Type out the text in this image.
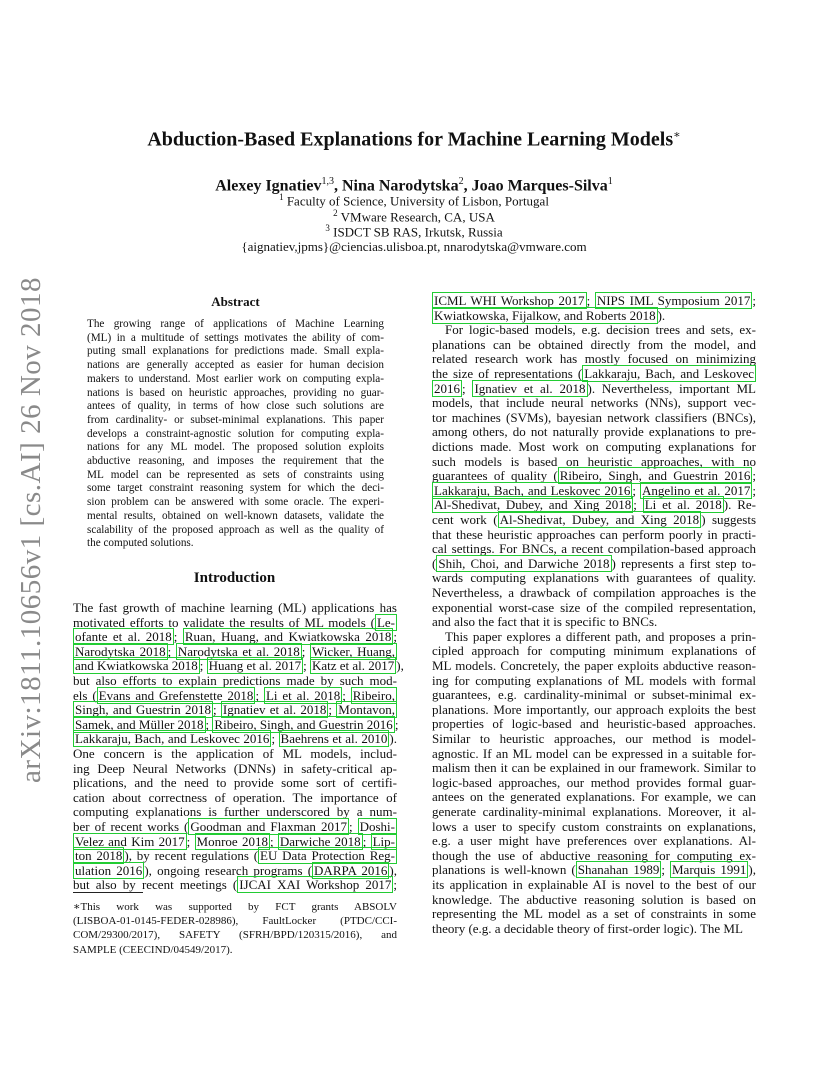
arXiv:1811.10656v1 [cs.AI] 26 Nov 2018
Abduction-Based Explanations for Machine Learning Models∗
Alexey Ignatiev$^{1,3}$, Nina Narodytska$^2$, Joao Marques-Silva$^1$
$^1$ Faculty of Science, University of Lisbon, Portugal
$^2$ VMware Research, CA, USA
$^3$ ISDCT SB RAS, Irkutsk, Russia
{aignatiev,jpms}@ciencias.ulisboa.pt, nnarodytska@vmware.com
Abstract
The growing range of applications of Machine Learning
(ML) in a multitude of settings motivates the ability of com-
puting small explanations for predictions made. Small expla-
nations are generally accepted as easier for human decision
makers to understand. Most earlier work on computing expla-
nations is based on heuristic approaches, providing no guar-
antees of quality, in terms of how close such solutions are
from cardinality- or subset-minimal explanations. This paper
develops a constraint-agnostic solution for computing expla-
nations for any ML model. The proposed solution exploits
abductive reasoning, and imposes the requirement that the
ML model can be represented as sets of constraints using
some target constraint reasoning system for which the deci-
sion problem can be answered with some oracle. The experi-
mental results, obtained on well-known datasets, validate the
scalability of the proposed approach as well as the quality of
the computed solutions.
Introduction
The fast growth of machine learning (ML) applications has
motivated efforts to validate the results of ML models ( Le-
ofante et al. 2018 ; Ruan, Huang, and Kwiatkowska 2018 ;
Narodytska 2018 ; Narodytska et al. 2018 ; Wicker, Huang,
and Kwiatkowska 2018 ; Huang et al. 2017 ; Katz et al. 2017 ),
but also efforts to explain predictions made by such mod-
els ( Evans and Grefenstette 2018 ; Li et al. 2018 ; Ribeiro,
Singh, and Guestrin 2018 ; Ignatiev et al. 2018 ; Montavon,
Samek, and Müller 2018 ; Ribeiro, Singh, and Guestrin 2016 ;
Lakkaraju, Bach, and Leskovec 2016 ; Baehrens et al. 2010 ).
One concern is the application of ML models, includ-
ing Deep Neural Networks (DNNs) in safety-critical ap-
plications, and the need to provide some sort of certifi-
cation about correctness of operation. The importance of
computing explanations is further underscored by a num-
ber of recent works ( Goodman and Flaxman 2017 ; Doshi-
Velez and Kim 2017 ; Monroe 2018 ; Darwiche 2018 ; Lip-
ton 2018 ), by recent regulations ( EU Data Protection Reg-
ulation 2016 ), ongoing research programs ( DARPA 2016 ),
but also by recent meetings ( IJCAI XAI Workshop 2017 ;
∗This work was supported by FCT grants ABSOLV
(LISBOA-01-0145-FEDER-028986), FaultLocker (PTDC/CCI-
COM/29300/2017), SAFETY (SFRH/BPD/120315/2016), and
SAMPLE (CEECIND/04549/2017).
ICML WHI Workshop 2017 ; NIPS IML Symposium 2017 ;
Kwiatkowska, Fijalkow, and Roberts 2018 ).
For logic-based models, e.g. decision trees and sets, ex-
planations can be obtained directly from the model, and
related research work has mostly focused on minimizing
the size of representations ( Lakkaraju, Bach, and Leskovec
2016 ; Ignatiev et al. 2018 ). Nevertheless, important ML
models, that include neural networks (NNs), support vec-
tor machines (SVMs), bayesian network classifiers (BNCs),
among others, do not naturally provide explanations to pre-
dictions made. Most work on computing explanations for
such models is based on heuristic approaches, with no
guarantees of quality ( Ribeiro, Singh, and Guestrin 2016 ;
Lakkaraju, Bach, and Leskovec 2016 ; Angelino et al. 2017 ;
Al-Shedivat, Dubey, and Xing 2018 ; Li et al. 2018 ). Re-
cent work ( Al-Shedivat, Dubey, and Xing 2018 ) suggests
that these heuristic approaches can perform poorly in practi-
cal settings. For BNCs, a recent compilation-based approach
( Shih, Choi, and Darwiche 2018 ) represents a first step to-
wards computing explanations with guarantees of quality.
Nevertheless, a drawback of compilation approaches is the
exponential worst-case size of the compiled representation,
and also the fact that it is specific to BNCs.
This paper explores a different path, and proposes a prin-
cipled approach for computing minimum explanations of
ML models. Concretely, the paper exploits abductive reason-
ing for computing explanations of ML models with formal
guarantees, e.g. cardinality-minimal or subset-minimal ex-
planations. More importantly, our approach exploits the best
properties of logic-based and heuristic-based approaches.
Similar to heuristic approaches, our method is model-
agnostic. If an ML model can be expressed in a suitable for-
malism then it can be explained in our framework. Similar to
logic-based approaches, our method provides formal guar-
antees on the generated explanations. For example, we can
generate cardinality-minimal explanations. Moreover, it al-
lows a user to specify custom constraints on explanations,
e.g. a user might have preferences over explanations. Al-
though the use of abductive reasoning for computing ex-
planations is well-known ( Shanahan 1989 ; Marquis 1991 ),
its application in explainable AI is novel to the best of our
knowledge. The abductive reasoning solution is based on
representing the ML model as a set of constraints in some
theory (e.g. a decidable theory of first-order logic). The ML
